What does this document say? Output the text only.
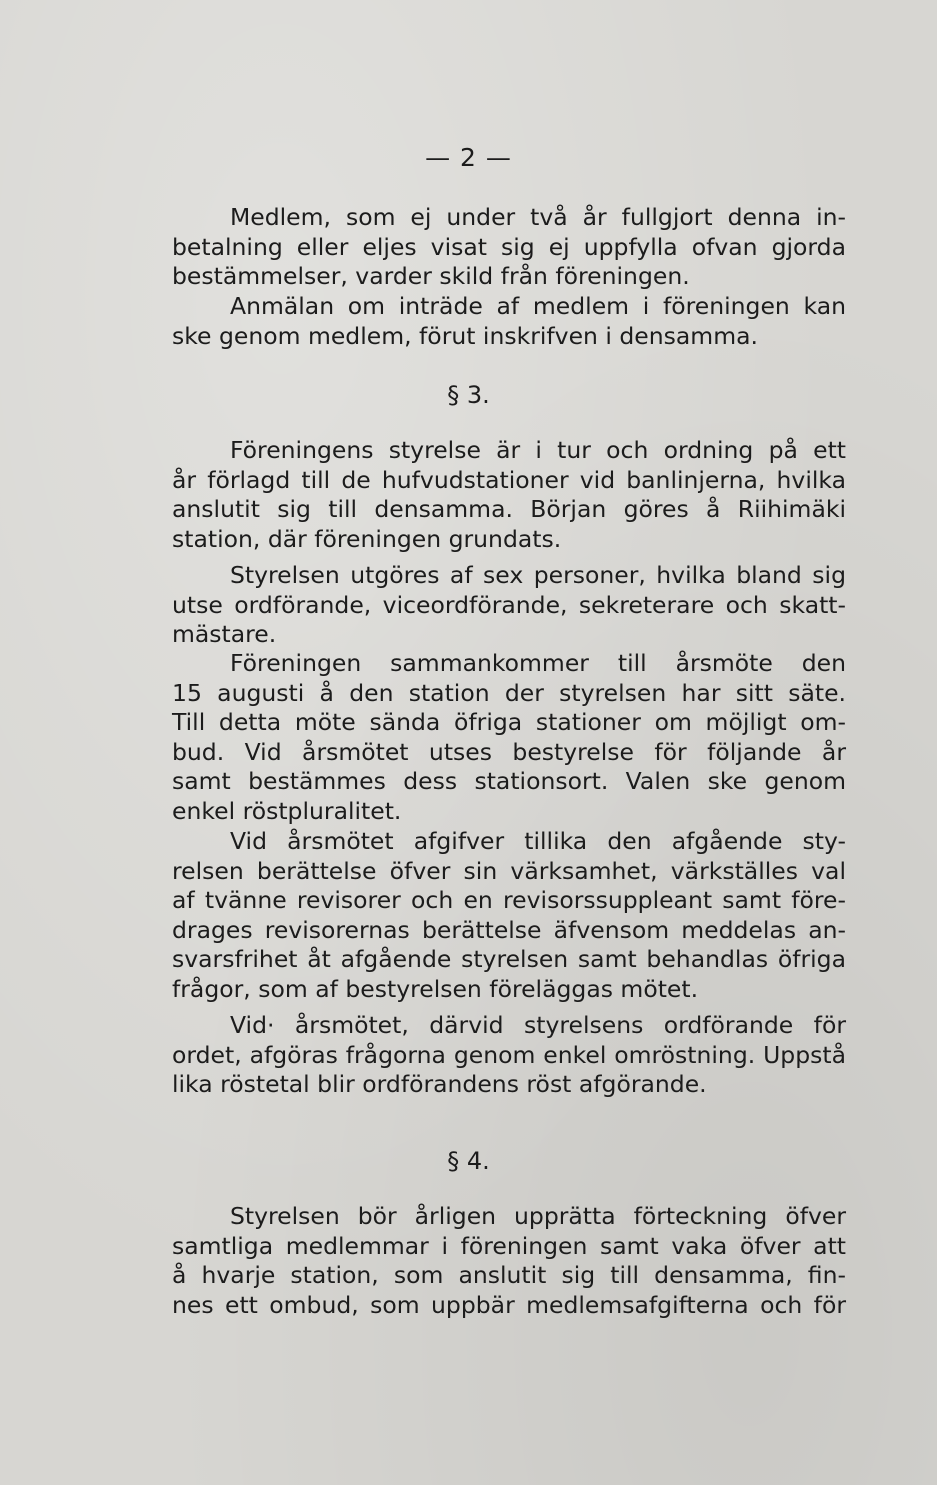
— 2 —
Medlem, som ej under två år fullgjort denna in-
betalning eller eljes visat sig ej uppfylla ofvan gjorda
bestämmelser, varder skild från föreningen.
Anmälan om inträde af medlem i föreningen kan
ske genom medlem, förut inskrifven i densamma.
§ 3.
Föreningens styrelse är i tur och ordning på ett
år förlagd till de hufvudstationer vid banlinjerna, hvilka
anslutit sig till densamma. Början göres å Riihimäki
station, där föreningen grundats.
Styrelsen utgöres af sex personer, hvilka bland sig
utse ordförande, viceordförande, sekreterare och skatt-
mästare.
Föreningen sammankommer till årsmöte den
15 augusti å den station der styrelsen har sitt säte.
Till detta möte sända öfriga stationer om möjligt om-
bud. Vid årsmötet utses bestyrelse för följande år
samt bestämmes dess stationsort. Valen ske genom
enkel röstpluralitet.
Vid årsmötet afgifver tillika den afgående sty-
relsen berättelse öfver sin värksamhet, värkställes val
af tvänne revisorer och en revisorssuppleant samt före-
drages revisorernas berättelse äfvensom meddelas an-
svarsfrihet åt afgående styrelsen samt behandlas öfriga
frågor, som af bestyrelsen föreläggas mötet.
Vid· årsmötet, därvid styrelsens ordförande för
ordet, afgöras frågorna genom enkel omröstning. Uppstå
lika röstetal blir ordförandens röst afgörande.
§ 4.
Styrelsen bör årligen upprätta förteckning öfver
samtliga medlemmar i föreningen samt vaka öfver att
å hvarje station, som anslutit sig till densamma, fin-
nes ett ombud, som uppbär medlemsafgifterna och för
